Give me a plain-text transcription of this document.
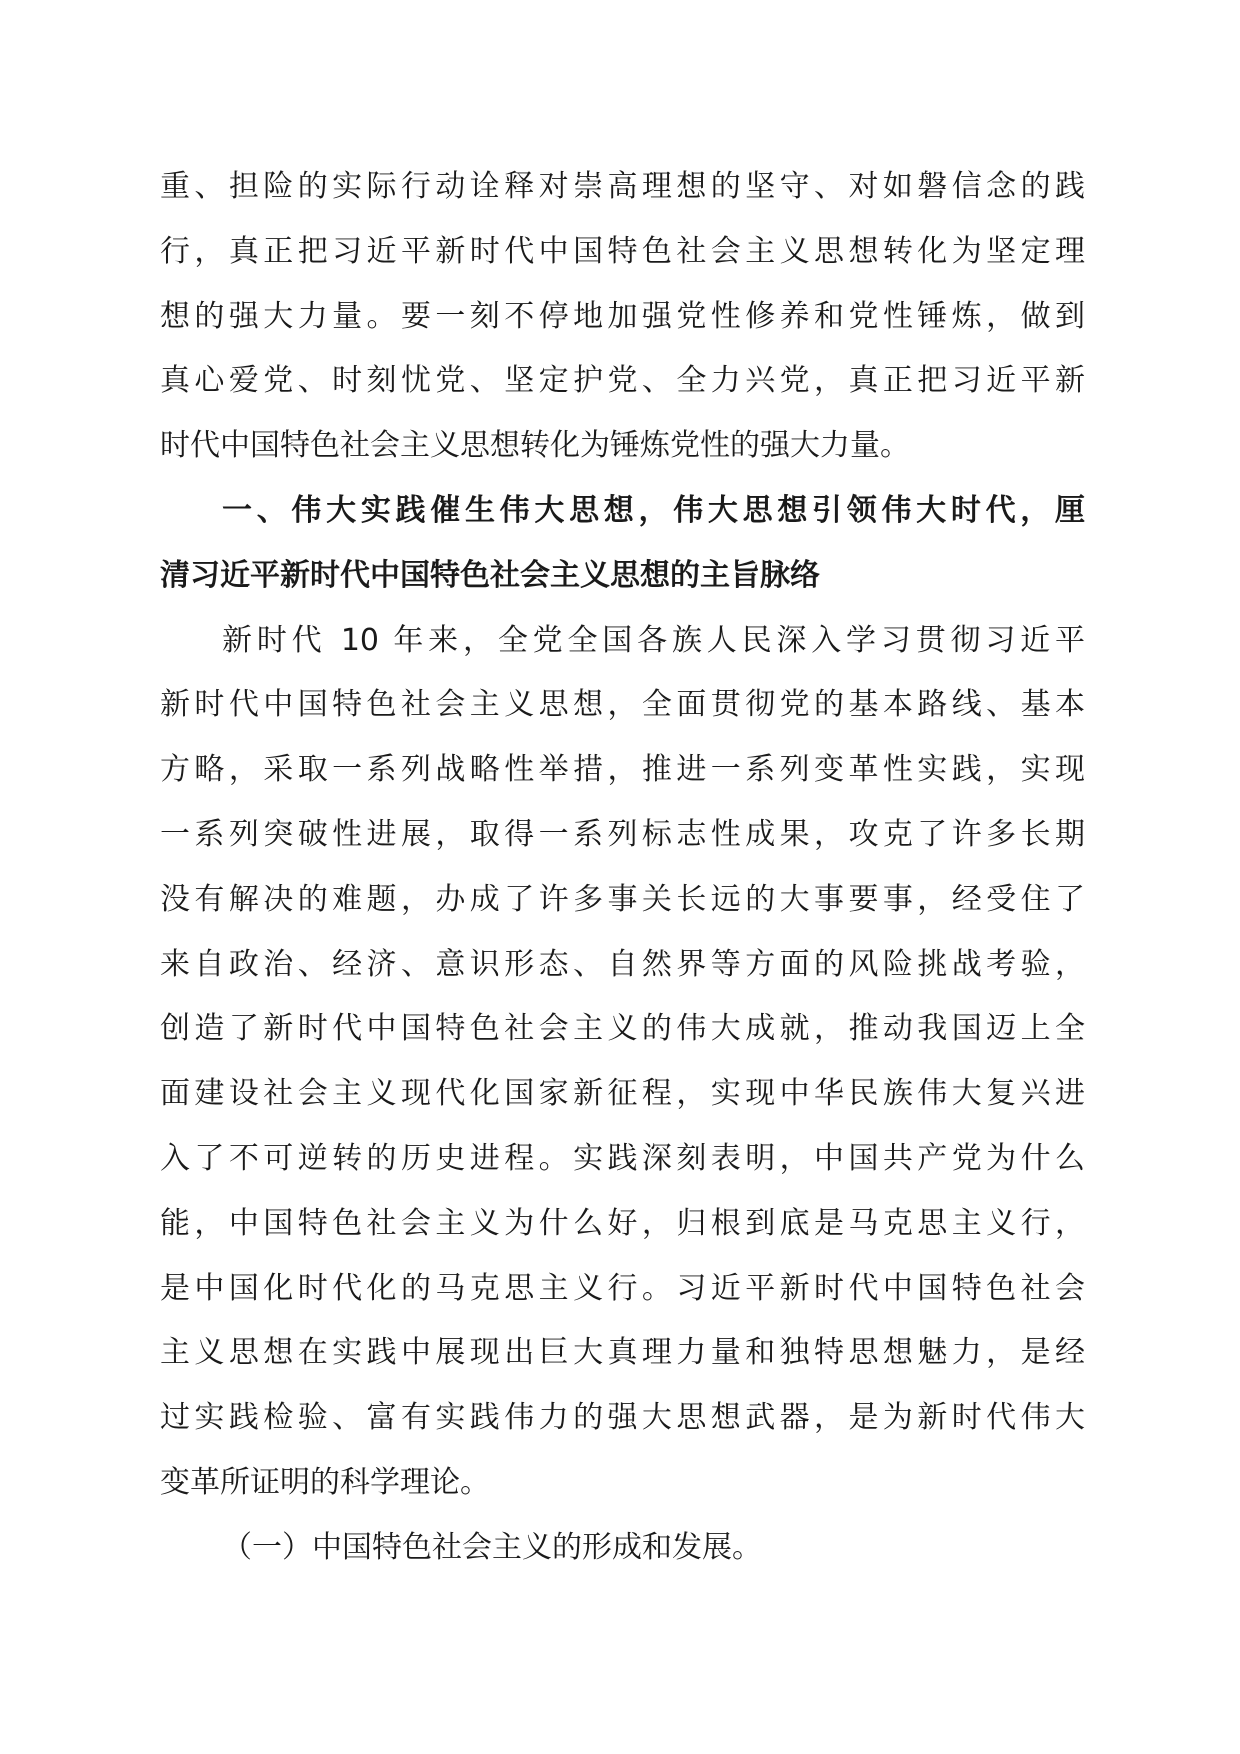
重、担险的实际行动诠释对崇高理想的坚守、对如磐信念的践
行，真正把习近平新时代中国特色社会主义思想转化为坚定理
想的强大力量。要一刻不停地加强党性修养和党性锤炼，做到
真心爱党、时刻忧党、坚定护党、全力兴党，真正把习近平新
时代中国特色社会主义思想转化为锤炼党性的强大力量。
一、伟大实践催生伟大思想，伟大思想引领伟大时代，厘
清习近平新时代中国特色社会主义思想的主旨脉络
新时代 10 年来，全党全国各族人民深入学习贯彻习近平
新时代中国特色社会主义思想，全面贯彻党的基本路线、基本
方略，采取一系列战略性举措，推进一系列变革性实践，实现
一系列突破性进展，取得一系列标志性成果，攻克了许多长期
没有解决的难题，办成了许多事关长远的大事要事，经受住了
来自政治、经济、意识形态、自然界等方面的风险挑战考验，
创造了新时代中国特色社会主义的伟大成就，推动我国迈上全
面建设社会主义现代化国家新征程，实现中华民族伟大复兴进
入了不可逆转的历史进程。实践深刻表明，中国共产党为什么
能，中国特色社会主义为什么好，归根到底是马克思主义行，
是中国化时代化的马克思主义行。习近平新时代中国特色社会
主义思想在实践中展现出巨大真理力量和独特思想魅力，是经
过实践检验、富有实践伟力的强大思想武器，是为新时代伟大
变革所证明的科学理论。
（一）中国特色社会主义的形成和发展。
